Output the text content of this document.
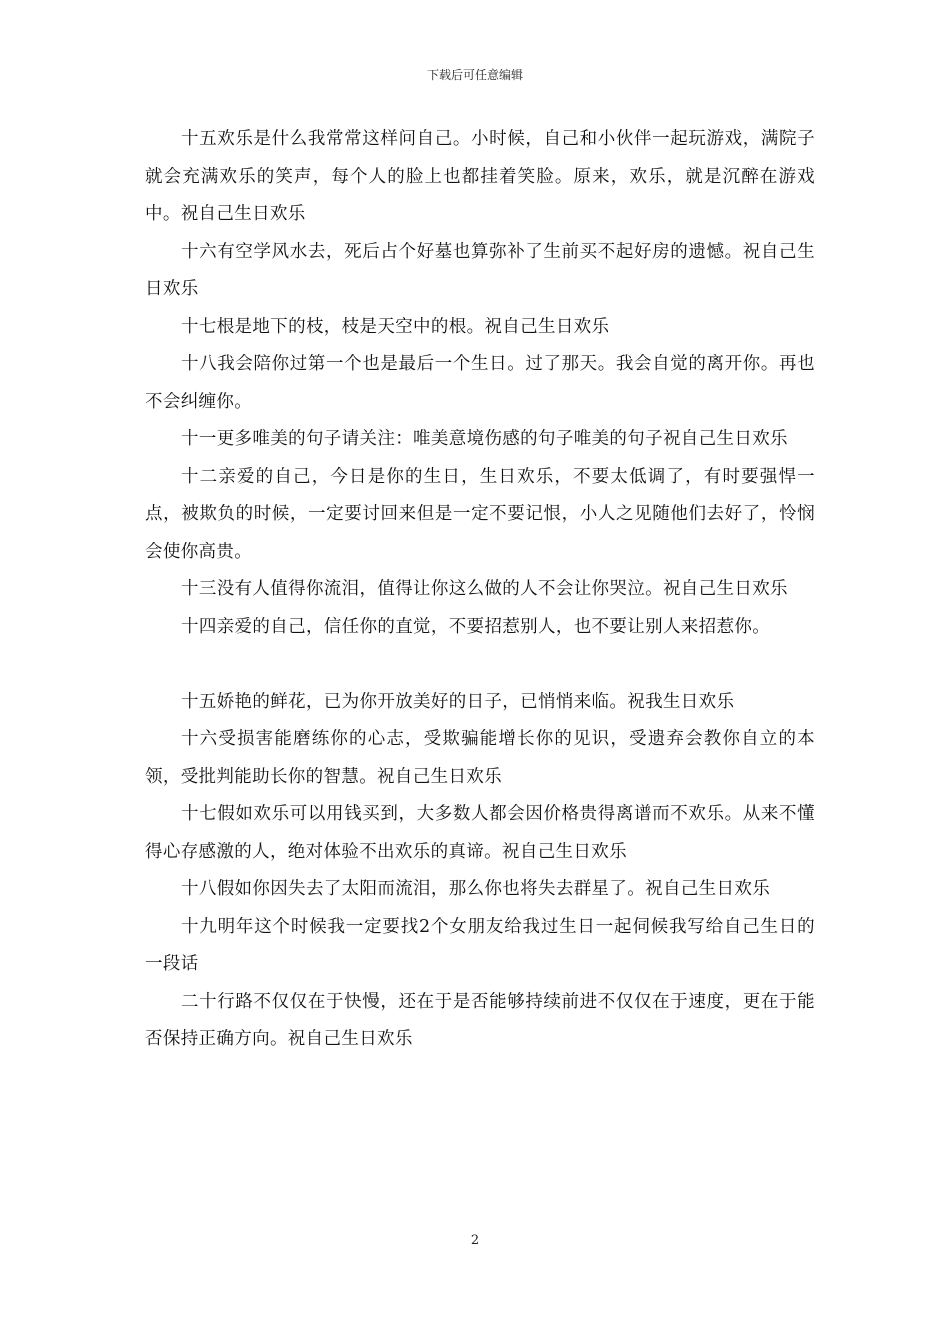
下载后可任意编辑

十五欢乐是什么我常常这样问自己。小时候，自己和小伙伴一起玩游戏，满院子就会充满欢乐的笑声，每个人的脸上也都挂着笑脸。原来，欢乐，就是沉醉在游戏中。祝自己生日欢乐

十六有空学风水去，死后占个好墓也算弥补了生前买不起好房的遗憾。祝自己生日欢乐

十七根是地下的枝，枝是天空中的根。祝自己生日欢乐

十八我会陪你过第一个也是最后一个生日。过了那天。我会自觉的离开你。再也不会纠缠你。

十一更多唯美的句子请关注：唯美意境伤感的句子唯美的句子祝自己生日欢乐

十二亲爱的自己，今日是你的生日，生日欢乐，不要太低调了，有时要强悍一点，被欺负的时候，一定要讨回来但是一定不要记恨，小人之见随他们去好了，怜悯会使你高贵。

十三没有人值得你流泪，值得让你这么做的人不会让你哭泣。祝自己生日欢乐

十四亲爱的自己，信任你的直觉，不要招惹别人，也不要让别人来招惹你。

十五娇艳的鲜花，已为你开放美好的日子，已悄悄来临。祝我生日欢乐

十六受损害能磨练你的心志，受欺骗能增长你的见识，受遗弃会教你自立的本领，受批判能助长你的智慧。祝自己生日欢乐

十七假如欢乐可以用钱买到，大多数人都会因价格贵得离谱而不欢乐。从来不懂得心存感激的人，绝对体验不出欢乐的真谛。祝自己生日欢乐

十八假如你因失去了太阳而流泪，那么你也将失去群星了。祝自己生日欢乐

十九明年这个时候我一定要找2个女朋友给我过生日一起伺候我写给自己生日的一段话

二十行路不仅仅在于快慢，还在于是否能够持续前进不仅仅在于速度，更在于能否保持正确方向。祝自己生日欢乐

2
